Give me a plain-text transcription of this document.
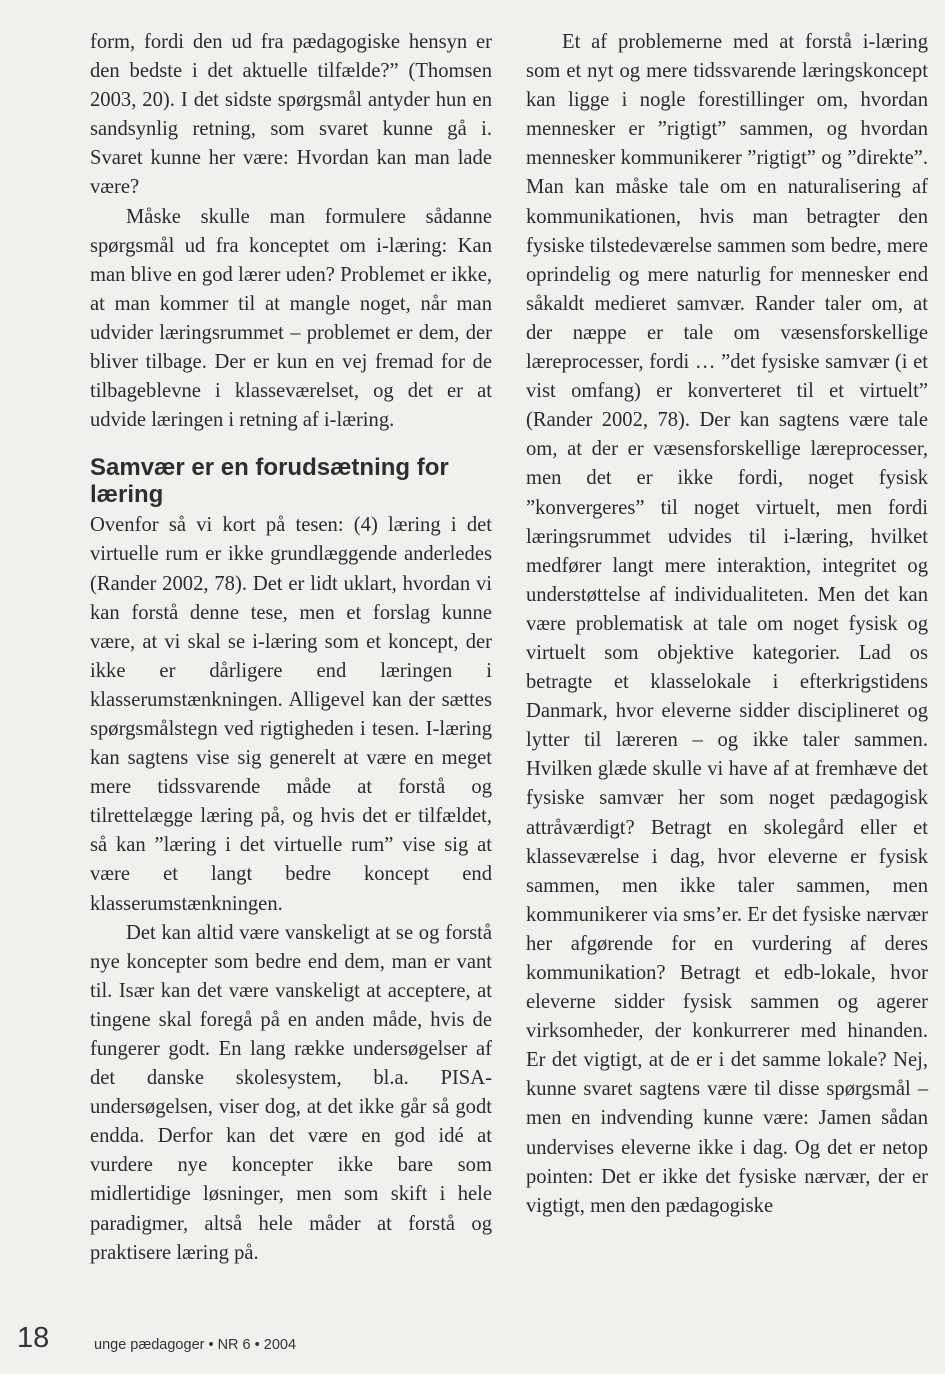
form, fordi den ud fra pædagogiske hensyn er den bedste i det aktuelle tilfælde?” (Thomsen 2003, 20). I det sidste spørgsmål antyder hun en sandsynlig retning, som svaret kunne gå i. Svaret kunne her være: Hvordan kan man lade være?

Måske skulle man formulere sådanne spørgsmål ud fra konceptet om i-læring: Kan man blive en god lærer uden? Problemet er ikke, at man kommer til at mangle noget, når man udvider læringsrummet – problemet er dem, der bliver tilbage. Der er kun en vej fremad for de tilbageblevne i klasseværelset, og det er at udvide læringen i retning af i-læring.

Samvær er en forudsætning for læring

Ovenfor så vi kort på tesen: (4) læring i det virtuelle rum er ikke grundlæggende anderledes (Rander 2002, 78). Det er lidt uklart, hvordan vi kan forstå denne tese, men et forslag kunne være, at vi skal se i-læring som et koncept, der ikke er dårligere end læringen i klasserumstænkningen. Alligevel kan der sættes spørgsmålstegn ved rigtigheden i tesen. I-læring kan sagtens vise sig generelt at være en meget mere tidssvarende måde at forstå og tilrettelægge læring på, og hvis det er tilfældet, så kan ”læring i det virtuelle rum” vise sig at være et langt bedre koncept end klasserumstænkningen.

Det kan altid være vanskeligt at se og forstå nye koncepter som bedre end dem, man er vant til. Især kan det være vanskeligt at acceptere, at tingene skal foregå på en anden måde, hvis de fungerer godt. En lang række undersøgelser af det danske skolesystem, bl.a. PISA-undersøgelsen, viser dog, at det ikke går så godt endda. Derfor kan det være en god idé at vurdere nye koncepter ikke bare som midlertidige løsninger, men som skift i hele paradigmer, altså hele måder at forstå og praktisere læring på.

Et af problemerne med at forstå i-læring som et nyt og mere tidssvarende læringskoncept kan ligge i nogle forestillinger om, hvordan mennesker er ”rigtigt” sammen, og hvordan mennesker kommunikerer ”rigtigt” og ”direkte”. Man kan måske tale om en naturalisering af kommunikationen, hvis man betragter den fysiske tilstedeværelse sammen som bedre, mere oprindelig og mere naturlig for mennesker end såkaldt medieret samvær. Rander taler om, at der næppe er tale om væsensforskellige læreprocesser, fordi … ”det fysiske samvær (i et vist omfang) er konverteret til et virtuelt” (Rander 2002, 78). Der kan sagtens være tale om, at der er væsensforskellige læreprocesser, men det er ikke fordi, noget fysisk ”konvergeres” til noget virtuelt, men fordi læringsrummet udvides til i-læring, hvilket medfører langt mere interaktion, integritet og understøttelse af individualiteten. Men det kan være problematisk at tale om noget fysisk og virtuelt som objektive kategorier. Lad os betragte et klasselokale i efterkrigstidens Danmark, hvor eleverne sidder disciplineret og lytter til læreren – og ikke taler sammen. Hvilken glæde skulle vi have af at fremhæve det fysiske samvær her som noget pædagogisk attråværdigt? Betragt en skolegård eller et klasseværelse i dag, hvor eleverne er fysisk sammen, men ikke taler sammen, men kommunikerer via sms’er. Er det fysiske nærvær her afgørende for en vurdering af deres kommunikation? Betragt et edb-lokale, hvor eleverne sidder fysisk sammen og agerer virksomheder, der konkurrerer med hinanden. Er det vigtigt, at de er i det samme lokale? Nej, kunne svaret sagtens være til disse spørgsmål – men en indvending kunne være: Jamen sådan undervises eleverne ikke i dag. Og det er netop pointen: Det er ikke det fysiske nærvær, der er vigtigt, men den pædagogiske

18	unge pædagoger • NR 6 • 2004
